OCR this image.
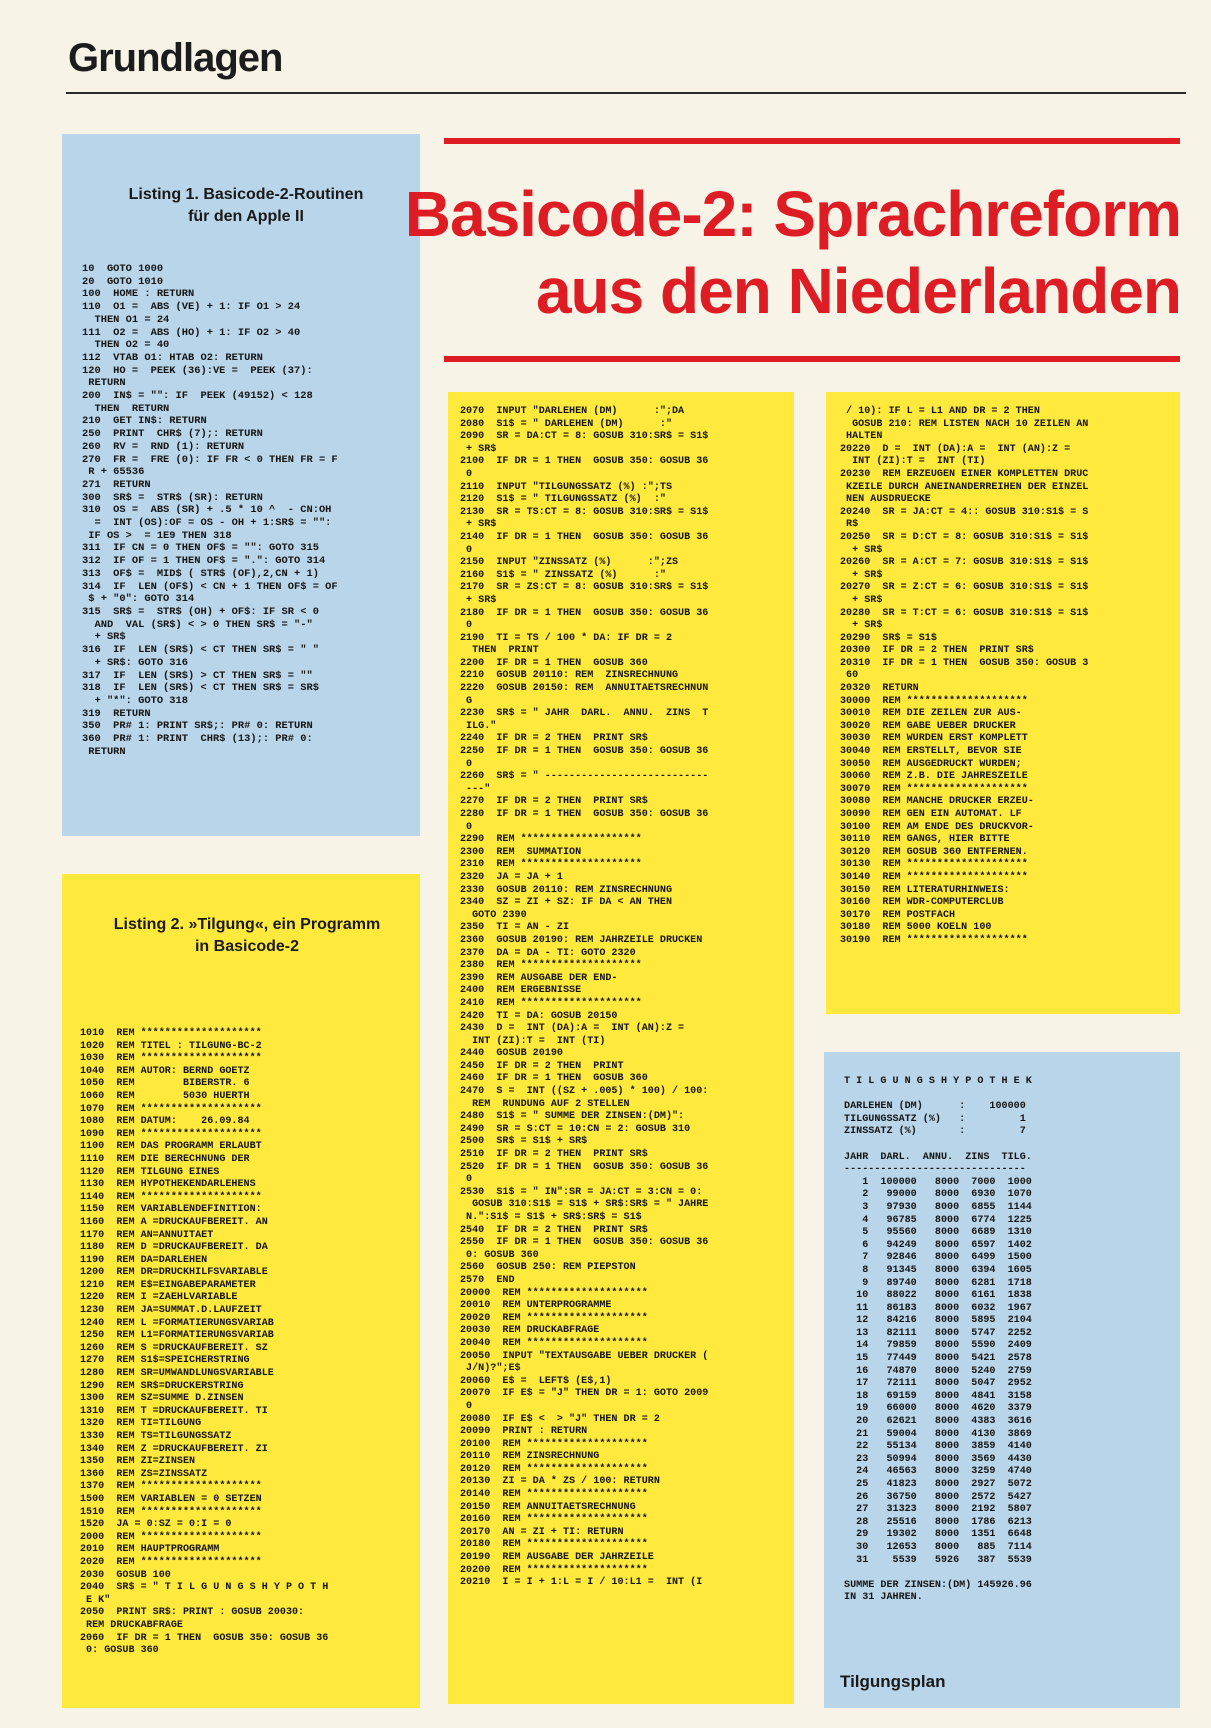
Grundlagen
Listing 1. Basicode-2-Routinen
für den Apple II
10  GOTO 1000
20  GOTO 1010
100  HOME : RETURN
110  O1 =  ABS (VE) + 1: IF O1 > 24
THEN O1 = 24
111  O2 =  ABS (HO) + 1: IF O2 > 40
THEN O2 = 40
112  VTAB O1: HTAB O2: RETURN
120  HO =  PEEK (36):VE =  PEEK (37):
RETURN
200  IN$ = "": IF  PEEK (49152) < 128
THEN  RETURN
210  GET IN$: RETURN
250  PRINT  CHR$ (7);: RETURN
260  RV =  RND (1): RETURN
270  FR =  FRE (0): IF FR < 0 THEN FR = F
R + 65536
271  RETURN
300  SR$ =  STR$ (SR): RETURN
310  OS =  ABS (SR) + .5 * 10 ^  - CN:OH
=  INT (OS):OF = OS - OH + 1:SR$ = "":
IF OS >  = 1E9 THEN 318
311  IF CN = 0 THEN OF$ = "": GOTO 315
312  IF OF = 1 THEN OF$ = ".": GOTO 314
313  OF$ =  MID$ ( STR$ (OF),2,CN + 1)
314  IF  LEN (OF$) < CN + 1 THEN OF$ = OF
$ + "0": GOTO 314
315  SR$ =  STR$ (OH) + OF$: IF SR < 0
AND  VAL (SR$) < > 0 THEN SR$ = "-"
+ SR$
316  IF  LEN (SR$) < CT THEN SR$ = " "
+ SR$: GOTO 316
317  IF  LEN (SR$) > CT THEN SR$ = ""
318  IF  LEN (SR$) < CT THEN SR$ = SR$
+ "*": GOTO 318
319  RETURN
350  PR# 1: PRINT SR$;: PR# 0: RETURN
360  PR# 1: PRINT  CHR$ (13);: PR# 0:
RETURN
Basicode-2: Sprachreform
aus den Niederlanden
Listing 2. »Tilgung«, ein Programm
in Basicode-2
1010  REM ********************
1020  REM TITEL : TILGUNG-BC-2
1030  REM ********************
1040  REM AUTOR: BERND GOETZ
1050  REM        BIBERSTR. 6
1060  REM        5030 HUERTH
1070  REM ********************
1080  REM DATUM:    26.09.84
1090  REM ********************
1100  REM DAS PROGRAMM ERLAUBT
1110  REM DIE BERECHNUNG DER
1120  REM TILGUNG EINES
1130  REM HYPOTHEKENDARLEHENS
1140  REM ********************
1150  REM VARIABLENDEFINITION:
1160  REM A =DRUCKAUFBEREIT. AN
1170  REM AN=ANNUITAET
1180  REM D =DRUCKAUFBEREIT. DA
1190  REM DA=DARLEHEN
1200  REM DR=DRUCKHILFSVARIABLE
1210  REM E$=EINGABEPARAMETER
1220  REM I =ZAEHLVARIABLE
1230  REM JA=SUMMAT.D.LAUFZEIT
1240  REM L =FORMATIERUNGSVARIAB
1250  REM L1=FORMATIERUNGSVARIAB
1260  REM S =DRUCKAUFBEREIT. SZ
1270  REM S1$=SPEICHERSTRING
1280  REM SR=UMWANDLUNGSVARIABLE
1290  REM SR$=DRUCKERSTRING
1300  REM SZ=SUMME D.ZINSEN
1310  REM T =DRUCKAUFBEREIT. TI
1320  REM TI=TILGUNG
1330  REM TS=TILGUNGSSATZ
1340  REM Z =DRUCKAUFBEREIT. ZI
1350  REM ZI=ZINSEN
1360  REM ZS=ZINSSATZ
1370  REM ********************
1500  REM VARIABLEN = 0 SETZEN
1510  REM ********************
1520  JA = 0:SZ = 0:I = 0
2000  REM ********************
2010  REM HAUPTPROGRAMM
2020  REM ********************
2030  GOSUB 100
2040  SR$ = " T I L G U N G S H Y P O T H
E K"
2050  PRINT SR$: PRINT : GOSUB 20030:
REM DRUCKABFRAGE
2060  IF DR = 1 THEN  GOSUB 350: GOSUB 36
0: GOSUB 360
2070  INPUT "DARLEHEN (DM)      :";DA
2080  S1$ = " DARLEHEN (DM)      :"
2090  SR = DA:CT = 8: GOSUB 310:SR$ = S1$
+ SR$
2100  IF DR = 1 THEN  GOSUB 350: GOSUB 36
0
2110  INPUT "TILGUNGSSATZ (%) :";TS
2120  S1$ = " TILGUNGSSATZ (%)  :"
2130  SR = TS:CT = 8: GOSUB 310:SR$ = S1$
+ SR$
2140  IF DR = 1 THEN  GOSUB 350: GOSUB 36
0
2150  INPUT "ZINSSATZ (%)      :";ZS
2160  S1$ = " ZINSSATZ (%)      :"
2170  SR = ZS:CT = 8: GOSUB 310:SR$ = S1$
+ SR$
2180  IF DR = 1 THEN  GOSUB 350: GOSUB 36
0
2190  TI = TS / 100 * DA: IF DR = 2
THEN  PRINT
2200  IF DR = 1 THEN  GOSUB 360
2210  GOSUB 20110: REM  ZINSRECHNUNG
2220  GOSUB 20150: REM  ANNUITAETSRECHNUN
G
2230  SR$ = " JAHR  DARL.  ANNU.  ZINS  T
ILG."
2240  IF DR = 2 THEN  PRINT SR$
2250  IF DR = 1 THEN  GOSUB 350: GOSUB 36
0
2260  SR$ = " ---------------------------
---"
2270  IF DR = 2 THEN  PRINT SR$
2280  IF DR = 1 THEN  GOSUB 350: GOSUB 36
0
2290  REM ********************
2300  REM  SUMMATION
2310  REM ********************
2320  JA = JA + 1
2330  GOSUB 20110: REM ZINSRECHNUNG
2340  SZ = ZI + SZ: IF DA < AN THEN
GOTO 2390
2350  TI = AN - ZI
2360  GOSUB 20190: REM JAHRZEILE DRUCKEN
2370  DA = DA - TI: GOTO 2320
2380  REM ********************
2390  REM AUSGABE DER END-
2400  REM ERGEBNISSE
2410  REM ********************
2420  TI = DA: GOSUB 20150
2430  D =  INT (DA):A =  INT (AN):Z =
INT (ZI):T =  INT (TI)
2440  GOSUB 20190
2450  IF DR = 2 THEN  PRINT
2460  IF DR = 1 THEN  GOSUB 360
2470  S =  INT ((SZ + .005) * 100) / 100:
REM  RUNDUNG AUF 2 STELLEN
2480  S1$ = " SUMME DER ZINSEN:(DM)":
2490  SR = S:CT = 10:CN = 2: GOSUB 310
2500  SR$ = S1$ + SR$
2510  IF DR = 2 THEN  PRINT SR$
2520  IF DR = 1 THEN  GOSUB 350: GOSUB 36
0
2530  S1$ = " IN":SR = JA:CT = 3:CN = 0:
GOSUB 310:S1$ = S1$ + SR$:SR$ = " JAHRE
N.":S1$ = S1$ + SR$:SR$ = S1$
2540  IF DR = 2 THEN  PRINT SR$
2550  IF DR = 1 THEN  GOSUB 350: GOSUB 36
0: GOSUB 360
2560  GOSUB 250: REM PIEPSTON
2570  END
20000  REM ********************
20010  REM UNTERPROGRAMME
20020  REM ********************
20030  REM DRUCKABFRAGE
20040  REM ********************
20050  INPUT "TEXTAUSGABE UEBER DRUCKER (
J/N)?";E$
20060  E$ =  LEFT$ (E$,1)
20070  IF E$ = "J" THEN DR = 1: GOTO 2009
0
20080  IF E$ <  > "J" THEN DR = 2
20090  PRINT : RETURN
20100  REM ********************
20110  REM ZINSRECHNUNG
20120  REM ********************
20130  ZI = DA * ZS / 100: RETURN
20140  REM ********************
20150  REM ANNUITAETSRECHNUNG
20160  REM ********************
20170  AN = ZI + TI: RETURN
20180  REM ********************
20190  REM AUSGABE DER JAHRZEILE
20200  REM ********************
20210  I = I + 1:L = I / 10:L1 =  INT (I
/ 10): IF L = L1 AND DR = 2 THEN
GOSUB 210: REM LISTEN NACH 10 ZEILEN AN
HALTEN
20220  D =  INT (DA):A =  INT (AN):Z =
INT (ZI):T =  INT (TI)
20230  REM ERZEUGEN EINER KOMPLETTEN DRUC
KZEILE DURCH ANEINANDERREIHEN DER EINZEL
NEN AUSDRUECKE
20240  SR = JA:CT = 4:: GOSUB 310:S1$ = S
R$
20250  SR = D:CT = 8: GOSUB 310:S1$ = S1$
+ SR$
20260  SR = A:CT = 7: GOSUB 310:S1$ = S1$
+ SR$
20270  SR = Z:CT = 6: GOSUB 310:S1$ = S1$
+ SR$
20280  SR = T:CT = 6: GOSUB 310:S1$ = S1$
+ SR$
20290  SR$ = S1$
20300  IF DR = 2 THEN  PRINT SR$
20310  IF DR = 1 THEN  GOSUB 350: GOSUB 3
60
20320  RETURN
30000  REM ********************
30010  REM DIE ZEILEN ZUR AUS-
30020  REM GABE UEBER DRUCKER
30030  REM WURDEN ERST KOMPLETT
30040  REM ERSTELLT, BEVOR SIE
30050  REM AUSGEDRUCKT WURDEN;
30060  REM Z.B. DIE JAHRESZEILE
30070  REM ********************
30080  REM MANCHE DRUCKER ERZEU-
30090  REM GEN EIN AUTOMAT. LF
30100  REM AM ENDE DES DRUCKVOR-
30110  REM GANGS, HIER BITTE
30120  REM GOSUB 360 ENTFERNEN.
30130  REM ********************
30140  REM ********************
30150  REM LITERATURHINWEIS:
30160  REM WDR-COMPUTERCLUB
30170  REM POSTFACH
30180  REM 5000 KOELN 100
30190  REM ********************
T I L G U N G S H Y P O T H E K

DARLEHEN (DM)      :    100000
TILGUNGSSATZ (%)   :         1
ZINSSATZ (%)       :         7

JAHR  DARL.  ANNU.  ZINS  TILG.
------------------------------
1  100000   8000  7000  1000
2   99000   8000  6930  1070
3   97930   8000  6855  1144
4   96785   8000  6774  1225
5   95560   8000  6689  1310
6   94249   8000  6597  1402
7   92846   8000  6499  1500
8   91345   8000  6394  1605
9   89740   8000  6281  1718
10   88022   8000  6161  1838
11   86183   8000  6032  1967
12   84216   8000  5895  2104
13   82111   8000  5747  2252
14   79859   8000  5590  2409
15   77449   8000  5421  2578
16   74870   8000  5240  2759
17   72111   8000  5047  2952
18   69159   8000  4841  3158
19   66000   8000  4620  3379
20   62621   8000  4383  3616
21   59004   8000  4130  3869
22   55134   8000  3859  4140
23   50994   8000  3569  4430
24   46563   8000  3259  4740
25   41823   8000  2927  5072
26   36750   8000  2572  5427
27   31323   8000  2192  5807
28   25516   8000  1786  6213
29   19302   8000  1351  6648
30   12653   8000   885  7114
31    5539   5926   387  5539

SUMME DER ZINSEN:(DM) 145926.96
IN 31 JAHREN.
Tilgungsplan
